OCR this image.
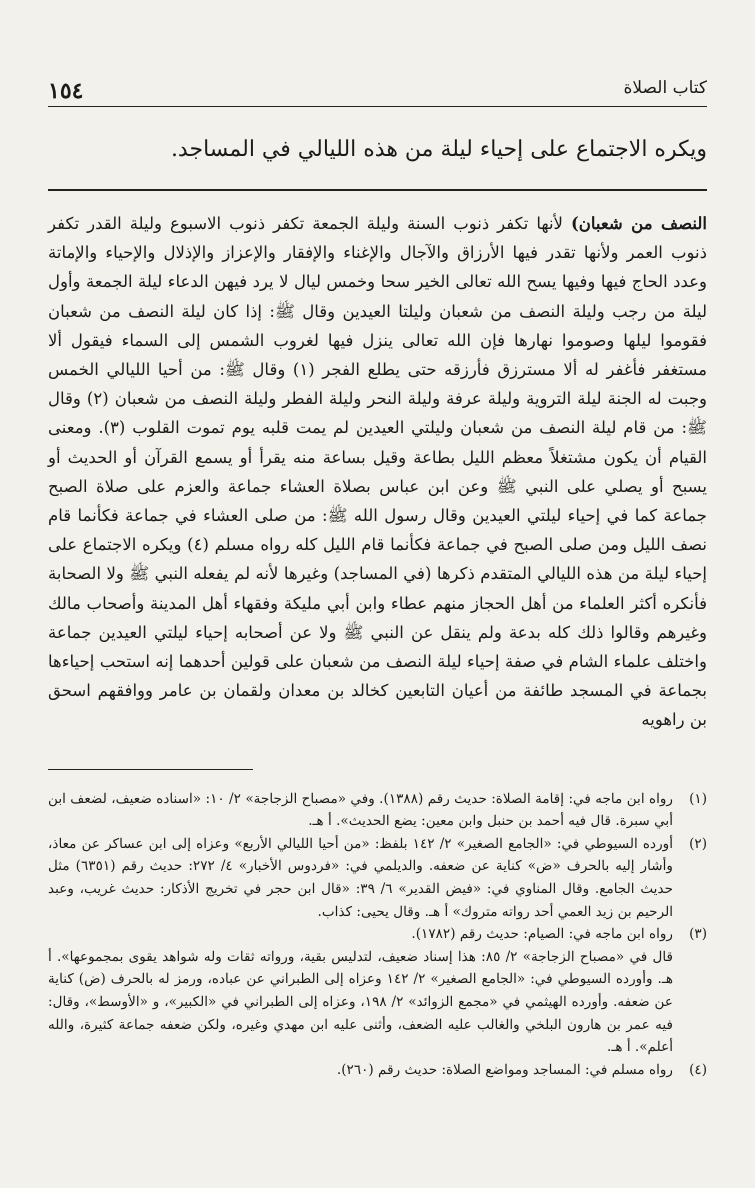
كتاب الصلاة
١٥٤
ويكره الاجتماع على إحياء ليلة من هذه الليالي في المساجد.

النصف من شعبان) لأنها تكفر ذنوب السنة وليلة الجمعة تكفر ذنوب الاسبوع وليلة القدر تكفر ذنوب العمر ولأنها تقدر فيها الأرزاق والآجال والإغناء والإفقار والإعزاز والإذلال والإحياء والإماتة وعدد الحاج فيها وفيها يسح الله تعالى الخير سحا وخمس ليال لا يرد فيهن الدعاء ليلة الجمعة وأول ليلة من رجب وليلة النصف من شعبان وليلتا العيدين وقال ﷺ: إذا كان ليلة النصف من شعبان فقوموا ليلها وصوموا نهارها فإن الله تعالى ينزل فيها لغروب الشمس إلى السماء فيقول ألا مستغفر فأغفر له ألا مسترزق فأرزقه حتى يطلع الفجر (١) وقال ﷺ: من أحيا الليالي الخمس وجبت له الجنة ليلة التروية وليلة عرفة وليلة النحر وليلة الفطر وليلة النصف من شعبان (٢) وقال ﷺ: من قام ليلة النصف من شعبان وليلتي العيدين لم يمت قلبه يوم تموت القلوب (٣). ومعنى القيام أن يكون مشتغلاً معظم الليل بطاعة وقيل بساعة منه يقرأ أو يسمع القرآن أو الحديث أو يسبح أو يصلي على النبي ﷺ وعن ابن عباس بصلاة العشاء جماعة والعزم على صلاة الصبح جماعة كما في إحياء ليلتي العيدين وقال رسول الله ﷺ: من صلى العشاء في جماعة فكأنما قام نصف الليل ومن صلى الصبح في جماعة فكأنما قام الليل كله رواه مسلم (٤) ويكره الاجتماع على إحياء ليلة من هذه الليالي المتقدم ذكرها (في المساجد) وغيرها لأنه لم يفعله النبي ﷺ ولا الصحابة فأنكره أكثر العلماء من أهل الحجاز منهم عطاء وابن أبي مليكة وفقهاء أهل المدينة وأصحاب مالك وغيرهم وقالوا ذلك كله بدعة ولم ينقل عن النبي ﷺ ولا عن أصحابه إحياء ليلتي العيدين جماعة واختلف علماء الشام في صفة إحياء ليلة النصف من شعبان على قولين أحدهما إنه استحب إحياءها بجماعة في المسجد طائفة من أعيان التابعين كخالد بن معدان ولقمان بن عامر ووافقهم اسحق بن راهويه

(١)

رواه ابن ماجه في: إقامة الصلاة: حديث رقم (١٣٨٨). وفي «مصباح الزجاجة» ٢/ ١٠: «اسناده ضعيف، لضعف ابن أبي سبرة. قال فيه أحمد بن حنبل وابن معين: يضع الحديث». أ هـ.

(٢)

أورده السيوطي في: «الجامع الصغير» ٢/ ١٤٢ بلفظ: «من أحيا الليالي الأربع» وعزاه إلى ابن عساكر عن معاذ، وأشار إليه بالحرف «ض» كناية عن ضعفه. والديلمي في: «فردوس الأخبار» ٤/ ٢٧٢: حديث رقم (٦٣٥١) مثل حديث الجامع. وقال المناوي في: «فيض القدير» ٦/ ٣٩: «قال ابن حجر في تخريج الأذكار: حديث غريب، وعبد الرحيم بن زيد العمي أحد رواته متروك» أ هـ. وقال يحيى: كذاب.

(٣)

رواه ابن ماجه في: الصيام: حديث رقم (١٧٨٢).

قال في «مصباح الزجاجة» ٢/ ٨٥: هذا إسناد ضعيف، لتدليس بقية، ورواته ثقات وله شواهد يقوى بمجموعها». أ هـ. وأورده السيوطي في: «الجامع الصغير» ٢/ ١٤٢ وعزاه إلى الطبراني عن عباده، ورمز له بالحرف (ض) كناية عن ضعفه. وأورده الهيثمي في «مجمع الزوائد» ٢/ ١٩٨، وعزاه إلى الطبراني في «الكبير»، و «الأوسط»، وقال: فيه عمر بن هارون البلخي والغالب عليه الضعف، وأثنى عليه ابن مهدي وغيره، ولكن ضعفه جماعة كثيرة، والله أعلم». أ هـ.

(٤)

رواه مسلم في: المساجد ومواضع الصلاة: حديث رقم (٢٦٠).
